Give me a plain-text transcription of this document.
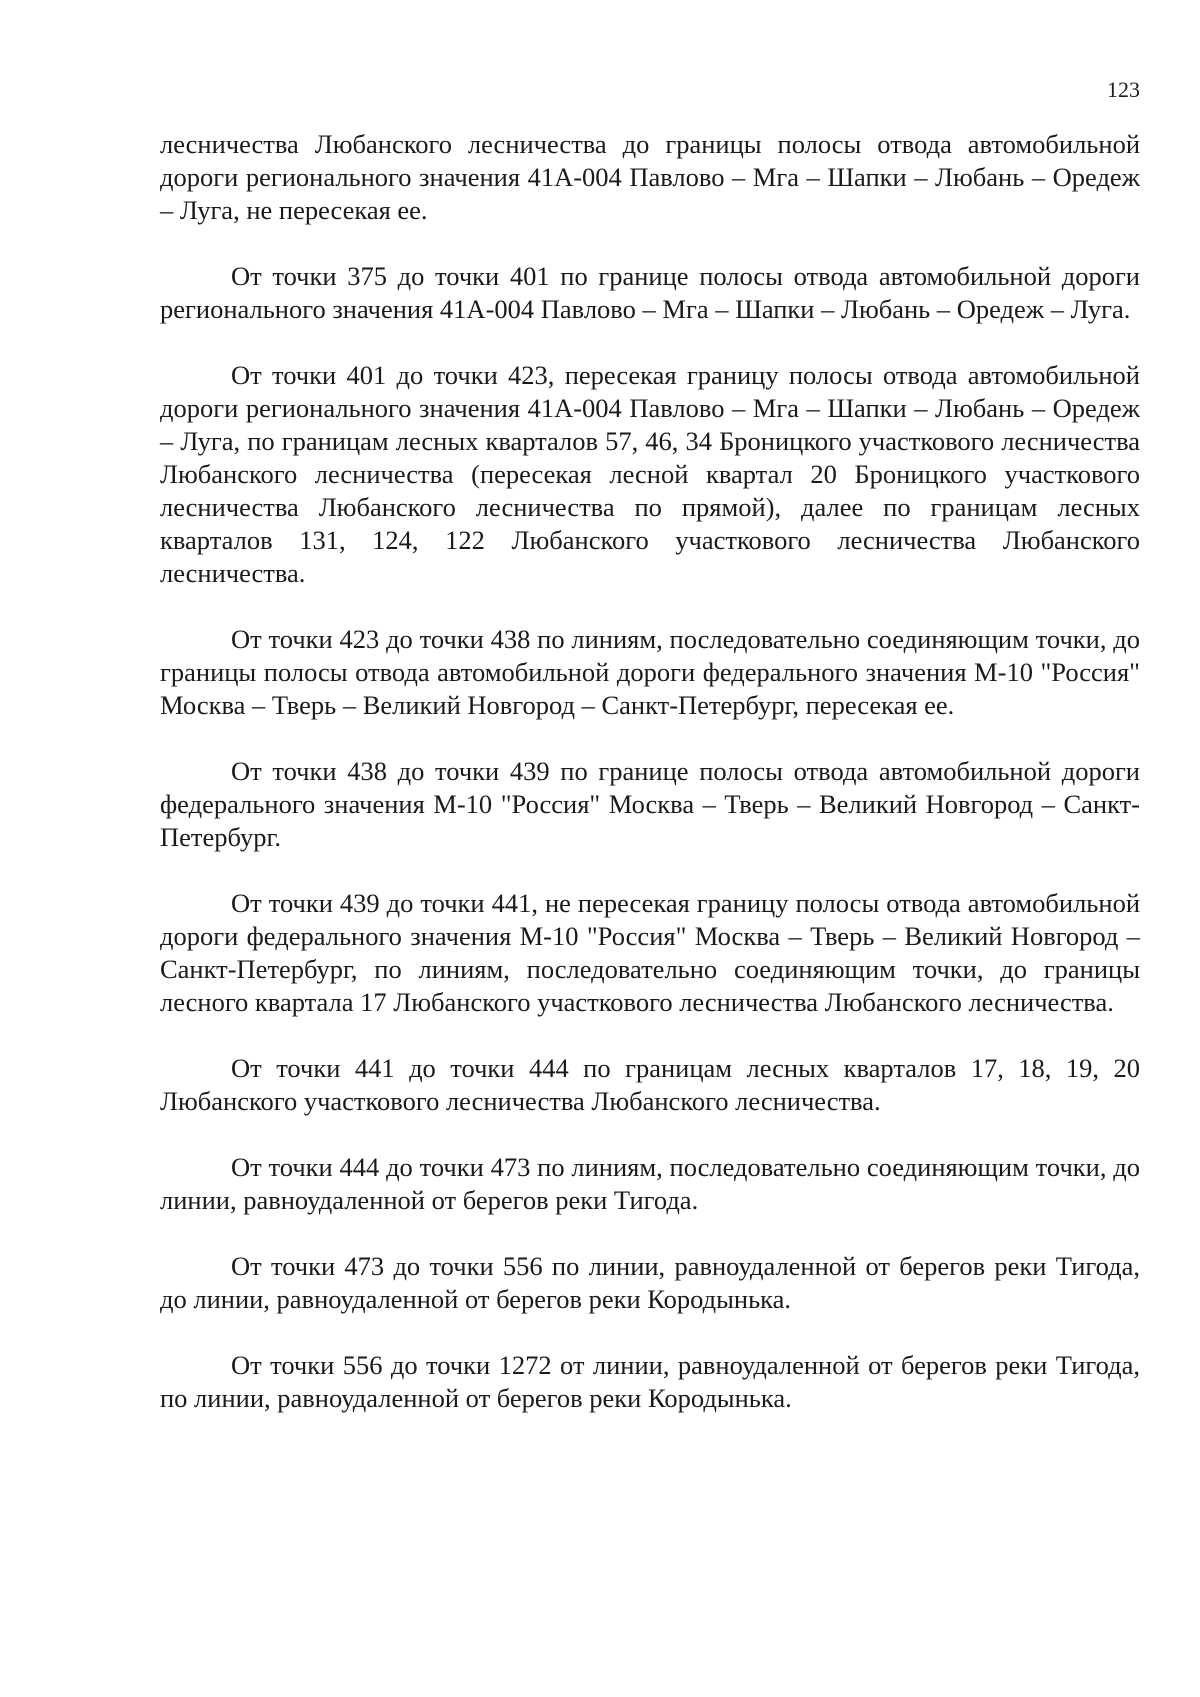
123

лесничества Любанского лесничества до границы полосы отвода автомобильной дороги регионального значения 41А-004 Павлово – Мга – Шапки – Любань – Оредеж – Луга, не пересекая ее.

От точки 375 до точки 401 по границе полосы отвода автомобильной дороги регионального значения 41А-004 Павлово – Мга – Шапки – Любань – Оредеж – Луга.

От точки 401 до точки 423, пересекая границу полосы отвода автомобильной дороги регионального значения 41А-004 Павлово – Мга – Шапки – Любань – Оредеж – Луга, по границам лесных кварталов 57, 46, 34 Броницкого участкового лесничества Любанского лесничества (пересекая лесной квартал 20 Броницкого участкового лесничества Любанского лесничества по прямой), далее по границам лесных кварталов 131, 124, 122 Любанского участкового лесничества Любанского лесничества.

От точки 423 до точки 438 по линиям, последовательно соединяющим точки, до границы полосы отвода автомобильной дороги федерального значения М-10 "Россия" Москва – Тверь – Великий Новгород – Санкт-Петербург, пересекая ее.

От точки 438 до точки 439 по границе полосы отвода автомобильной дороги федерального значения М-10 "Россия" Москва – Тверь – Великий Новгород – Санкт-Петербург.

От точки 439 до точки 441, не пересекая границу полосы отвода автомобильной дороги федерального значения М-10 "Россия" Москва – Тверь – Великий Новгород – Санкт-Петербург, по линиям, последовательно соединяющим точки, до границы лесного квартала 17 Любанского участкового лесничества Любанского лесничества.

От точки 441 до точки 444 по границам лесных кварталов 17, 18, 19, 20 Любанского участкового лесничества Любанского лесничества.

От точки 444 до точки 473 по линиям, последовательно соединяющим точки, до линии, равноудаленной от берегов реки Тигода.

От точки 473 до точки 556 по линии, равноудаленной от берегов реки Тигода, до линии, равноудаленной от берегов реки Кородынька.

От точки 556 до точки 1272 от линии, равноудаленной от берегов реки Тигода, по линии, равноудаленной от берегов реки Кородынька.
